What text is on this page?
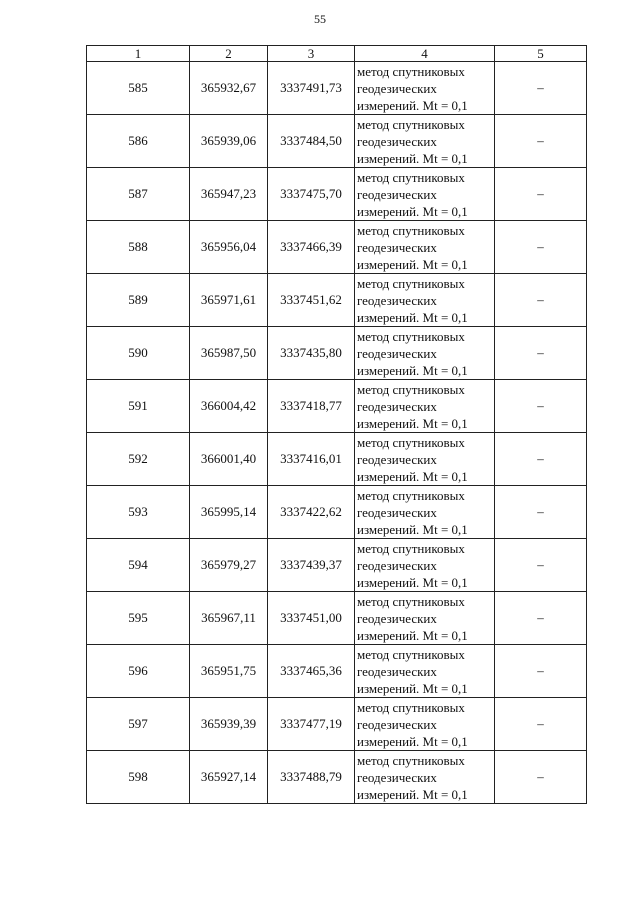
55
1	2	3	4	5
585	365932,67	3337491,73	метод спутниковых
геодезических
измерений. Mt = 0,1	–
586	365939,06	3337484,50	метод спутниковых
геодезических
измерений. Mt = 0,1	–
587	365947,23	3337475,70	метод спутниковых
геодезических
измерений. Mt = 0,1	–
588	365956,04	3337466,39	метод спутниковых
геодезических
измерений. Mt = 0,1	–
589	365971,61	3337451,62	метод спутниковых
геодезических
измерений. Mt = 0,1	–
590	365987,50	3337435,80	метод спутниковых
геодезических
измерений. Mt = 0,1	–
591	366004,42	3337418,77	метод спутниковых
геодезических
измерений. Mt = 0,1	–
592	366001,40	3337416,01	метод спутниковых
геодезических
измерений. Mt = 0,1	–
593	365995,14	3337422,62	метод спутниковых
геодезических
измерений. Mt = 0,1	–
594	365979,27	3337439,37	метод спутниковых
геодезических
измерений. Mt = 0,1	–
595	365967,11	3337451,00	метод спутниковых
геодезических
измерений. Mt = 0,1	–
596	365951,75	3337465,36	метод спутниковых
геодезических
измерений. Mt = 0,1	–
597	365939,39	3337477,19	метод спутниковых
геодезических
измерений. Mt = 0,1	–
598	365927,14	3337488,79	метод спутниковых
геодезических
измерений. Mt = 0,1	–
